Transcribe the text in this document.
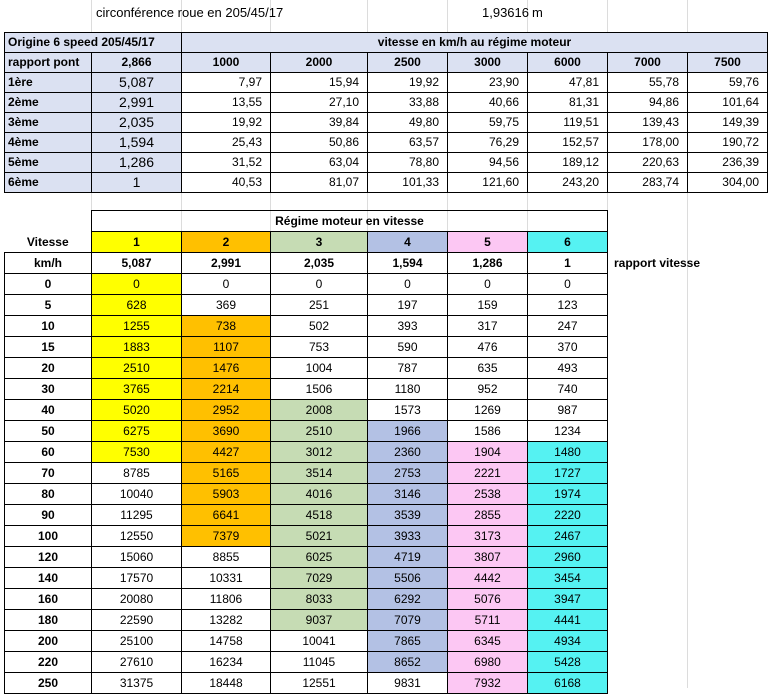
circonférence roue en 205/45/17	1,93616 m
Origine 6 speed 205/45/17		vitesse en km/h au régime moteur						
rapport pont	2,866	1000	2000	2500	3000	6000	7000	7500
1ère	5,087	7,97	15,94	19,92	23,90	47,81	55,78	59,76
2ème	2,991	13,55	27,10	33,88	40,66	81,31	94,86	101,64
3ème	2,035	19,92	39,84	49,80	59,75	119,51	139,43	149,39
4ème	1,594	25,43	50,86	63,57	76,29	152,57	178,00	190,72
5ème	1,286	31,52	63,04	78,80	94,56	189,12	220,63	236,39
6ème	1	40,53	81,07	101,33	121,60	243,20	283,74	304,00
	Régime moteur en vitesse						
Vitesse	1	2	3	4	5	6	
km/h	5,087	2,991	2,035	1,594	1,286	1	rapport vitesse
0	0	0	0	0	0	0	
5	628	369	251	197	159	123	
10	1255	738	502	393	317	247	
15	1883	1107	753	590	476	370	
20	2510	1476	1004	787	635	493	
30	3765	2214	1506	1180	952	740	
40	5020	2952	2008	1573	1269	987	
50	6275	3690	2510	1966	1586	1234	
60	7530	4427	3012	2360	1904	1480	
70	8785	5165	3514	2753	2221	1727	
80	10040	5903	4016	3146	2538	1974	
90	11295	6641	4518	3539	2855	2220	
100	12550	7379	5021	3933	3173	2467	
120	15060	8855	6025	4719	3807	2960	
140	17570	10331	7029	5506	4442	3454	
160	20080	11806	8033	6292	5076	3947	
180	22590	13282	9037	7079	5711	4441	
200	25100	14758	10041	7865	6345	4934	
220	27610	16234	11045	8652	6980	5428	
250	31375	18448	12551	9831	7932	6168	
